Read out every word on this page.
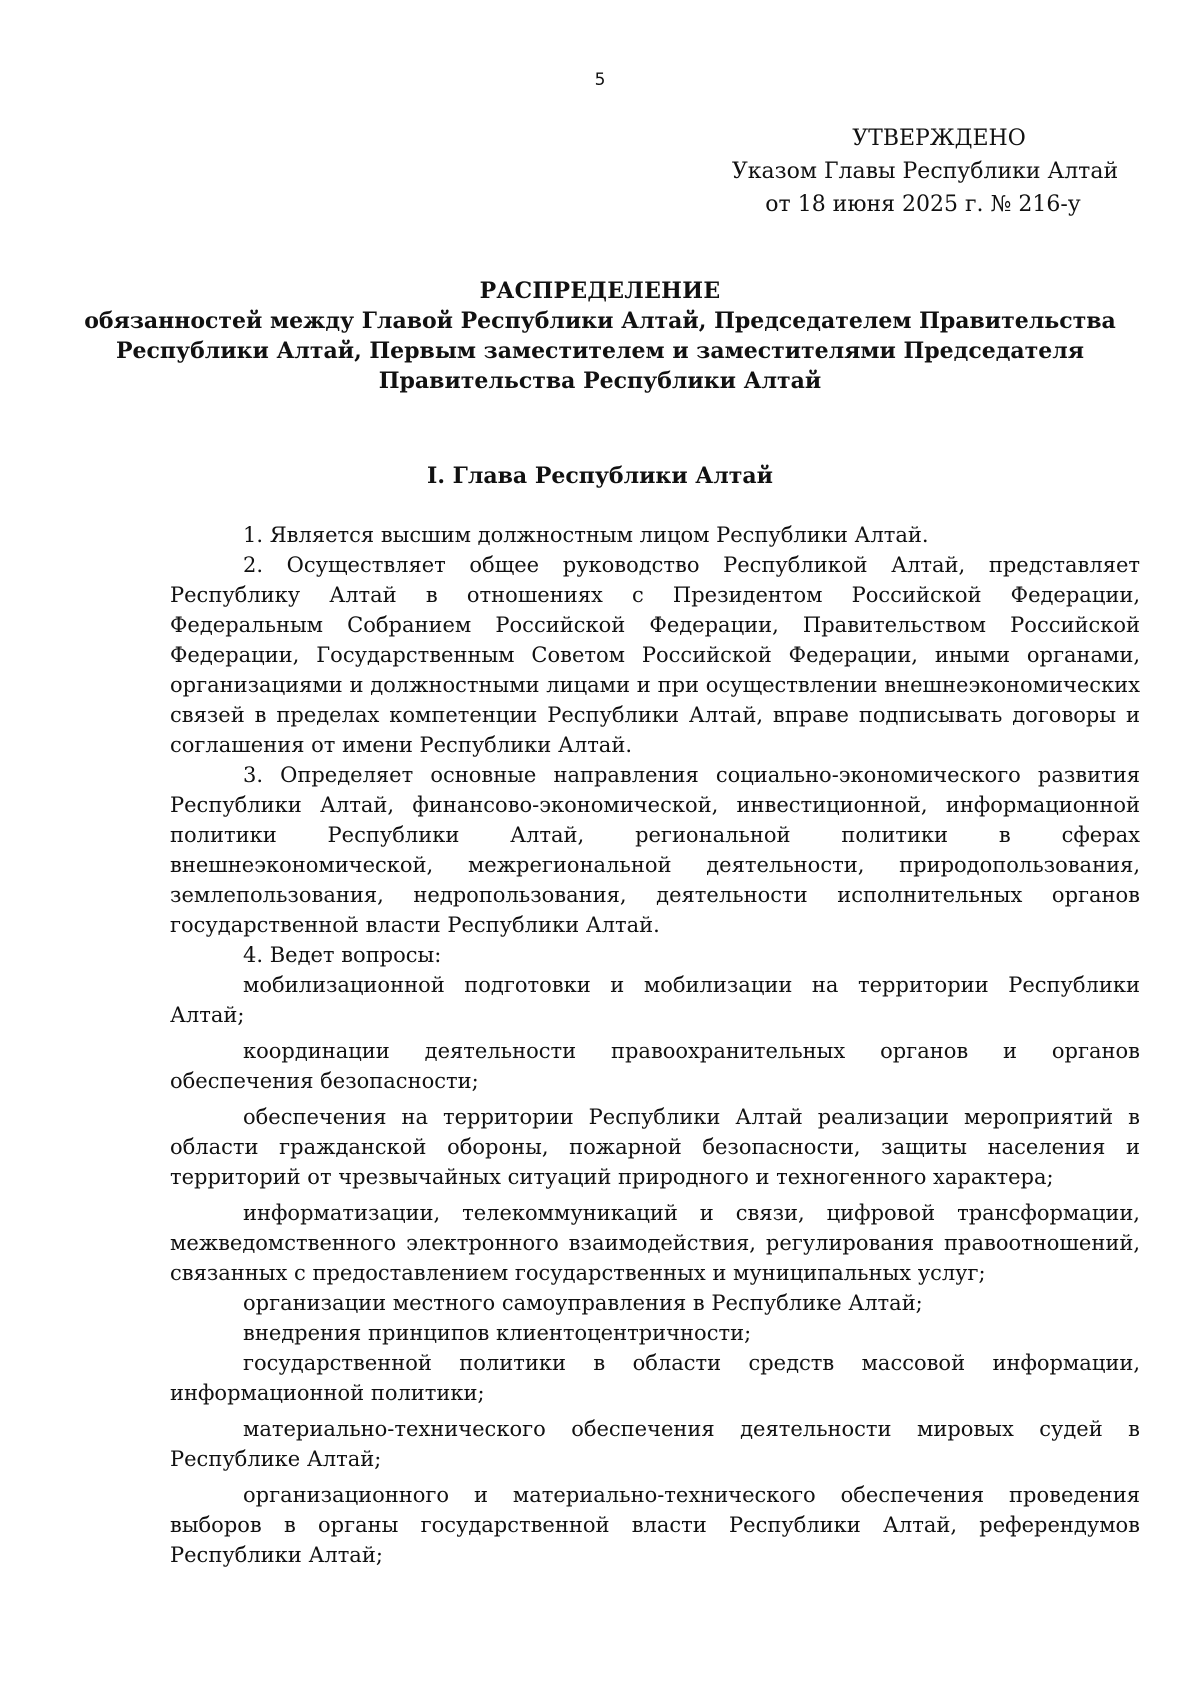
5
УТВЕРЖДЕНО
Указом Главы Республики Алтай
от 18 июня 2025 г. № 216-у
РАСПРЕДЕЛЕНИЕ
обязанностей между Главой Республики Алтай, Председателем Правительства
Республики Алтай, Первым заместителем и заместителями Председателя
Правительства Республики Алтай
I. Глава Республики Алтай

1. Является высшим должностным лицом Республики Алтай.

2. Осуществляет общее руководство Республикой Алтай, представляет Республику Алтай в отношениях с Президентом Российской Федерации, Федеральным Собранием Российской Федерации, Правительством Российской Федерации, Государственным Советом Российской Федерации, иными органами, организациями и должностными лицами и при осуществлении внешнеэкономических связей в пределах компетенции Республики Алтай, вправе подписывать договоры и соглашения от имени Республики Алтай.

3. Определяет основные направления социально-экономического развития Республики Алтай, финансово-экономической, инвестиционной, информационной политики Республики Алтай, региональной политики в сферах внешнеэкономической, межрегиональной деятельности, природопользования, землепользования, недропользования, деятельности исполнительных органов государственной власти Республики Алтай.

4. Ведет вопросы:

мобилизационной подготовки и мобилизации на территории Республики Алтай;

координации деятельности правоохранительных органов и органов обеспечения безопасности;

обеспечения на территории Республики Алтай реализации мероприятий в области гражданской обороны, пожарной безопасности, защиты населения и территорий от чрезвычайных ситуаций природного и техногенного характера;

информатизации, телекоммуникаций и связи, цифровой трансформации, межведомственного электронного взаимодействия, регулирования правоотношений, связанных с предоставлением государственных и муниципальных услуг;

организации местного самоуправления в Республике Алтай;

внедрения принципов клиентоцентричности;

государственной политики в области средств массовой информации, информационной политики;

материально-технического обеспечения деятельности мировых судей в Республике Алтай;

организационного и материально-технического обеспечения проведения выборов в органы государственной власти Республики Алтай, референдумов Республики Алтай;
